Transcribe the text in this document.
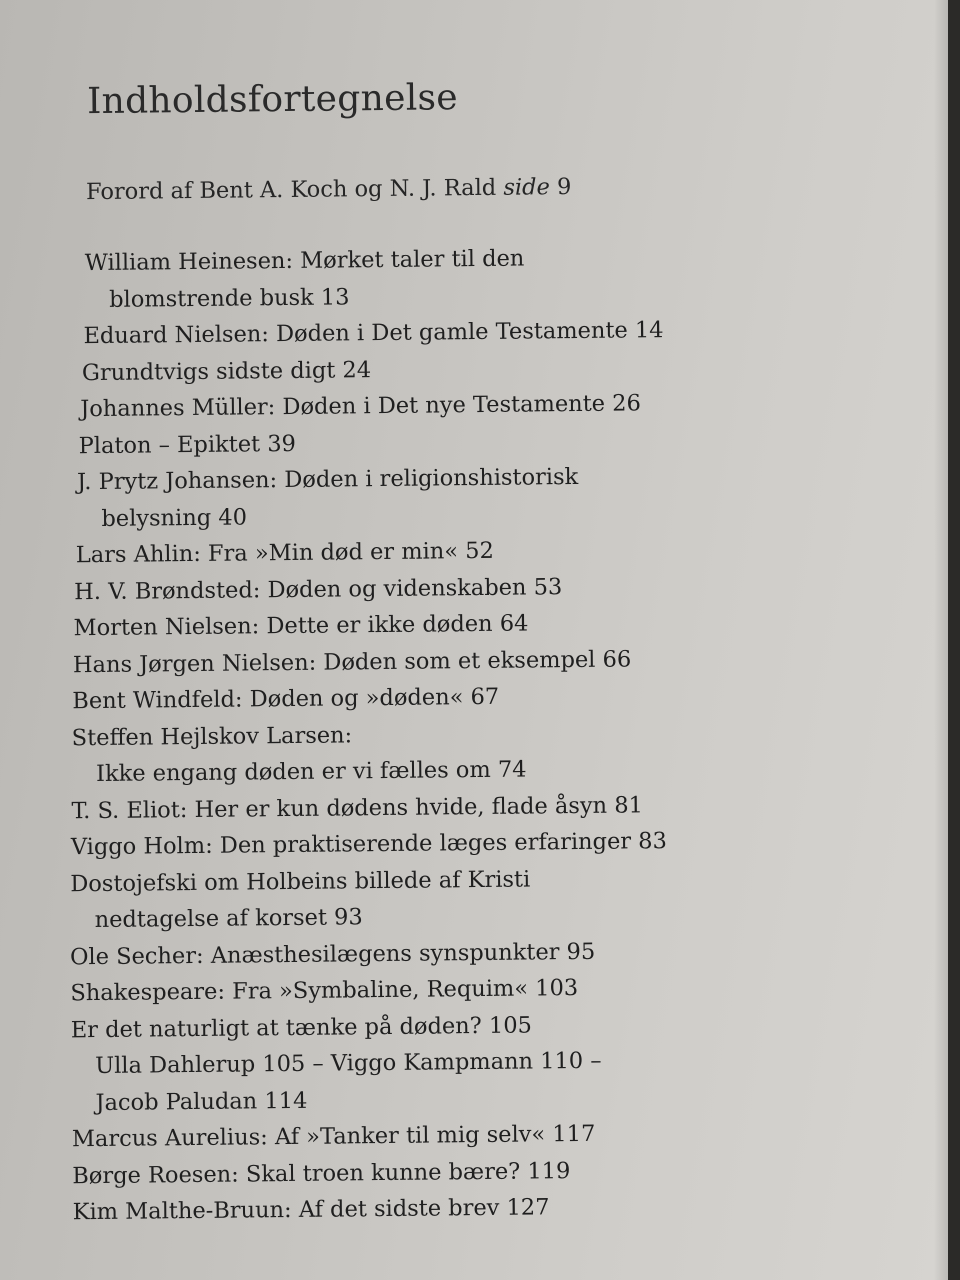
Indholdsfortegnelse
Forord af Bent A. Koch og N. J. Rald side 9
William Heinesen: Mørket taler til den
blomstrende busk 13
Eduard Nielsen: Døden i Det gamle Testamente 14
Grundtvigs sidste digt 24
Johannes Müller: Døden i Det nye Testamente 26
Platon – Epiktet 39
J. Prytz Johansen: Døden i religionshistorisk
belysning 40
Lars Ahlin: Fra »Min død er min« 52
H. V. Brøndsted: Døden og videnskaben 53
Morten Nielsen: Dette er ikke døden 64
Hans Jørgen Nielsen: Døden som et eksempel 66
Bent Windfeld: Døden og »døden« 67
Steffen Hejlskov Larsen:
Ikke engang døden er vi fælles om 74
T. S. Eliot: Her er kun dødens hvide, flade åsyn 81
Viggo Holm: Den praktiserende læges erfaringer 83
Dostojefski om Holbeins billede af Kristi
nedtagelse af korset 93
Ole Secher: Anæsthesilægens synspunkter 95
Shakespeare: Fra »Symbaline, Requim« 103
Er det naturligt at tænke på døden? 105
Ulla Dahlerup 105 – Viggo Kampmann 110 –
Jacob Paludan 114
Marcus Aurelius: Af »Tanker til mig selv« 117
Børge Roesen: Skal troen kunne bære? 119
Kim Malthe-Bruun: Af det sidste brev 127
